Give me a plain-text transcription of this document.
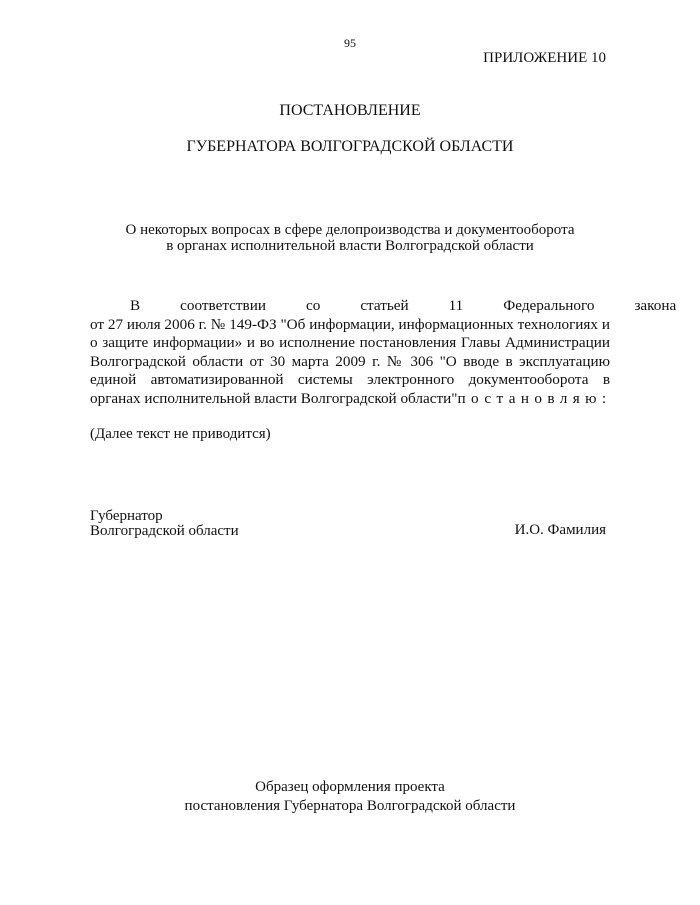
95
ПРИЛОЖЕНИЕ 10
ПОСТАНОВЛЕНИЕ
ГУБЕРНАТОРА ВОЛГОГРАДСКОЙ ОБЛАСТИ
О некоторых вопросах в сфере делопроизводства и документооборота
в органах исполнительной власти Волгоградской области
В	соответствии	со	статьей	11	Федерального	закона
от 27 июля 2006 г. № 149-ФЗ "Об информации, информационных технологиях и
о защите информации» и во исполнение постановления Главы Администрации
Волгоградской области от 30 марта 2009 г. № 306 "О вводе в эксплуатацию
единой автоматизированной системы электронного документооборота в
органах исполнительной власти Волгоградской области"постановляю:
(Далее текст не приводится)
Губернатор
Волгоградской области	И.О. Фамилия
Образец оформления проекта
постановления Губернатора Волгоградской области
